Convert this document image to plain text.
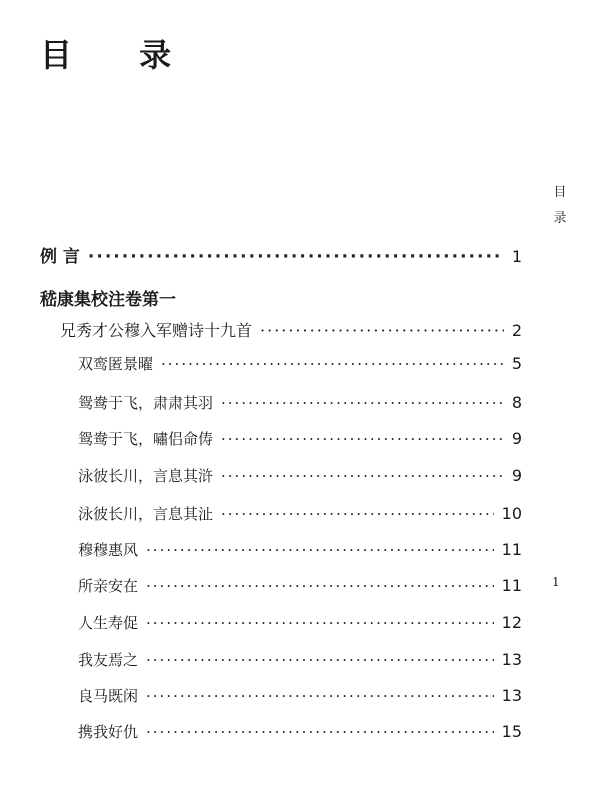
目 录
目
录
1
例 言 ·····	1
嵇康集校注卷第一
兄秀才公穆入军赠诗十九首 ·····	2
双鸾匿景曜 ·····	5
鸳鸯于飞，肃肃其羽 ·····	8
鸳鸯于飞，嘯侣命俦 ·····	9
泳彼长川，言息其浒 ·····	9
泳彼长川，言息其沚 ·····	10
穆穆惠风 ·····	11
所亲安在 ·····	11
人生寿促 ·····	12
我友焉之 ·····	13
良马既闲 ·····	13
携我好仇 ·····	15
